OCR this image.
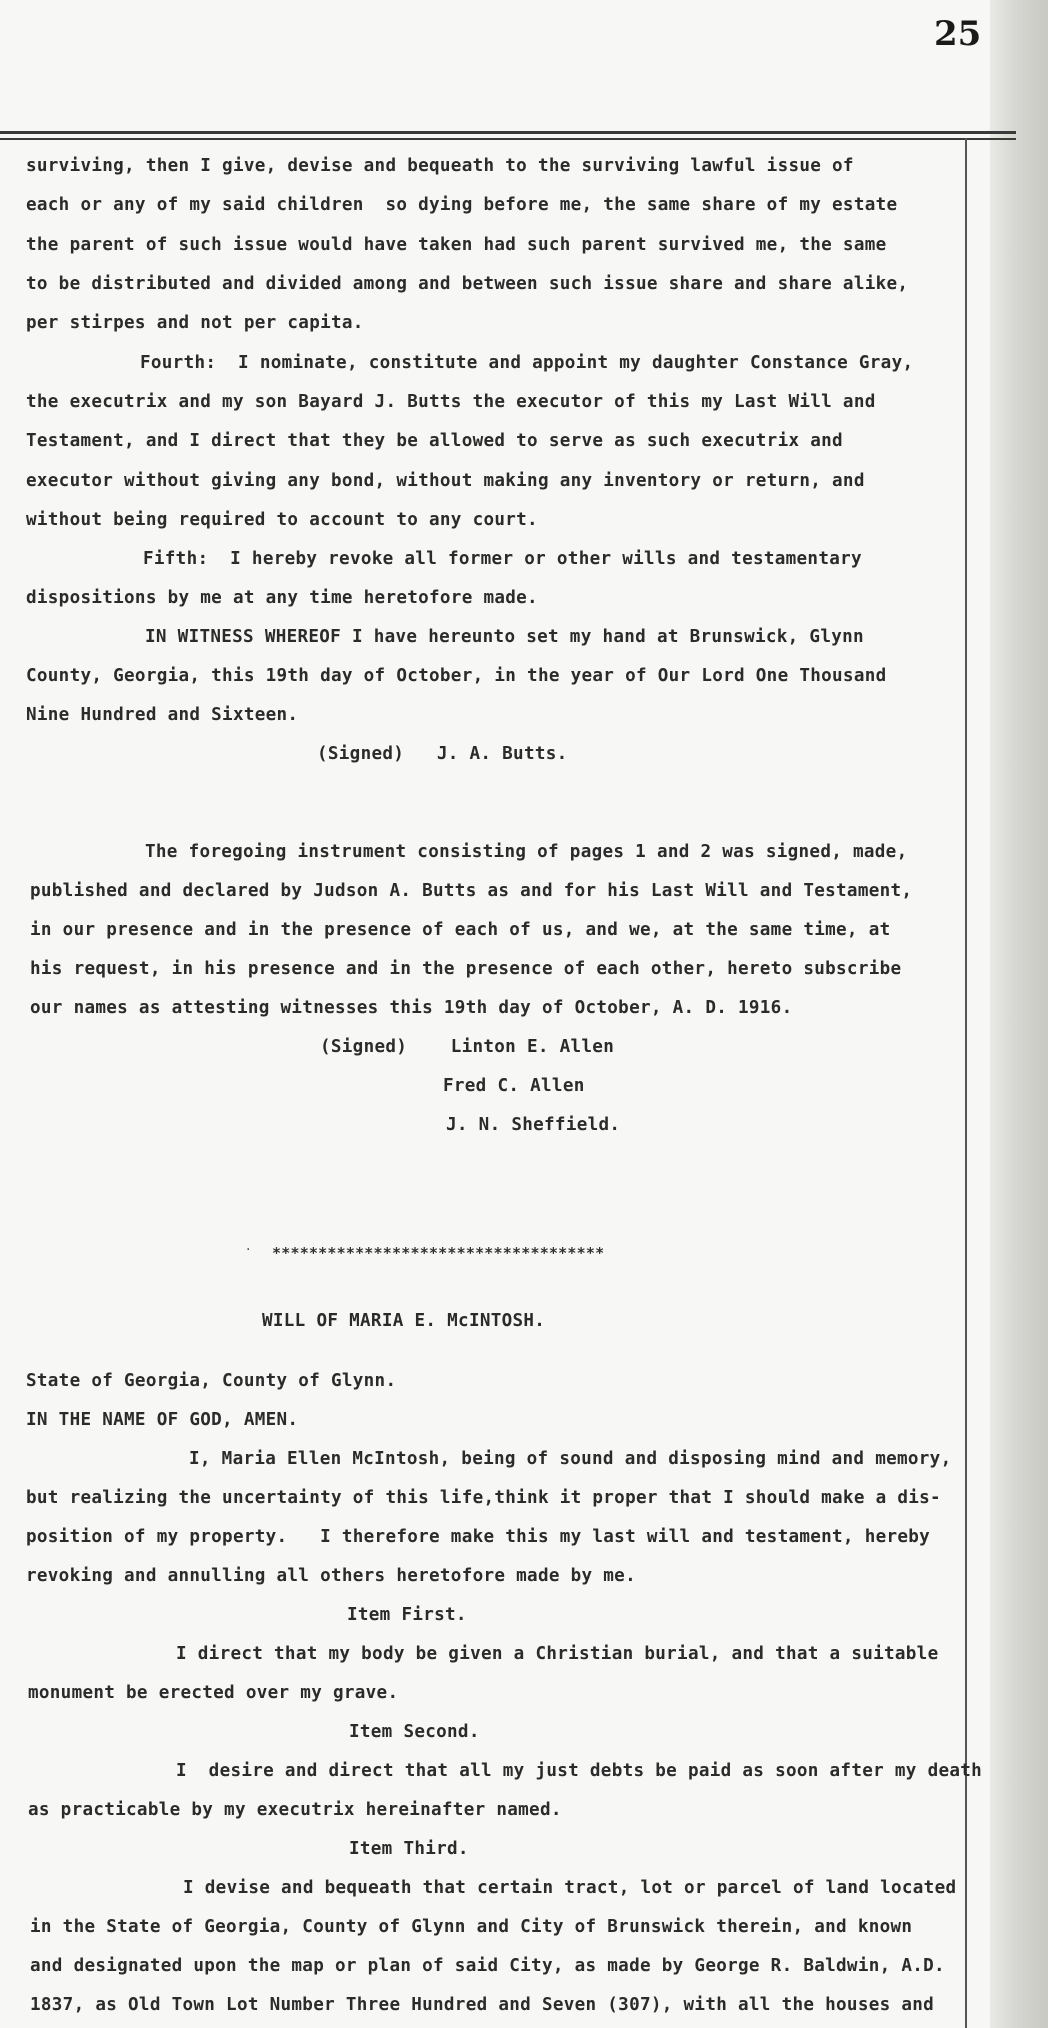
25
surviving, then I give, devise and bequeath to the surviving lawful issue of
each or any of my said children  so dying before me, the same share of my estate
the parent of such issue would have taken had such parent survived me, the same
to be distributed and divided among and between such issue share and share alike,
per stirpes and not per capita.
Fourth:  I nominate, constitute and appoint my daughter Constance Gray,
the executrix and my son Bayard J. Butts the executor of this my Last Will and
Testament, and I direct that they be allowed to serve as such executrix and
executor without giving any bond, without making any inventory or return, and
without being required to account to any court.
Fifth:  I hereby revoke all former or other wills and testamentary
dispositions by me at any time heretofore made.
IN WITNESS WHEREOF I have hereunto set my hand at Brunswick, Glynn
County, Georgia, this 19th day of October, in the year of Our Lord One Thousand
Nine Hundred and Sixteen.
(Signed)   J. A. Butts.
The foregoing instrument consisting of pages 1 and 2 was signed, made,
published and declared by Judson A. Butts as and for his Last Will and Testament,
in our presence and in the presence of each of us, and we, at the same time, at
his request, in his presence and in the presence of each other, hereto subscribe
our names as attesting witnesses this 19th day of October, A. D. 1916.
(Signed)    Linton E. Allen
Fred C. Allen
J. N. Sheffield.
************************************
·
WILL OF MARIA E. McINTOSH.
State of Georgia, County of Glynn.
IN THE NAME OF GOD, AMEN.
I, Maria Ellen McIntosh, being of sound and disposing mind and memory,
but realizing the uncertainty of this life,think it proper that I should make a dis-
position of my property.   I therefore make this my last will and testament, hereby
revoking and annulling all others heretofore made by me.
Item First.
I direct that my body be given a Christian burial, and that a suitable
monument be erected over my grave.
Item Second.
I  desire and direct that all my just debts be paid as soon after my death
as practicable by my executrix hereinafter named.
Item Third.
I devise and bequeath that certain tract, lot or parcel of land located
in the State of Georgia, County of Glynn and City of Brunswick therein, and known
and designated upon the map or plan of said City, as made by George R. Baldwin, A.D.
1837, as Old Town Lot Number Three Hundred and Seven (307), with all the houses and
